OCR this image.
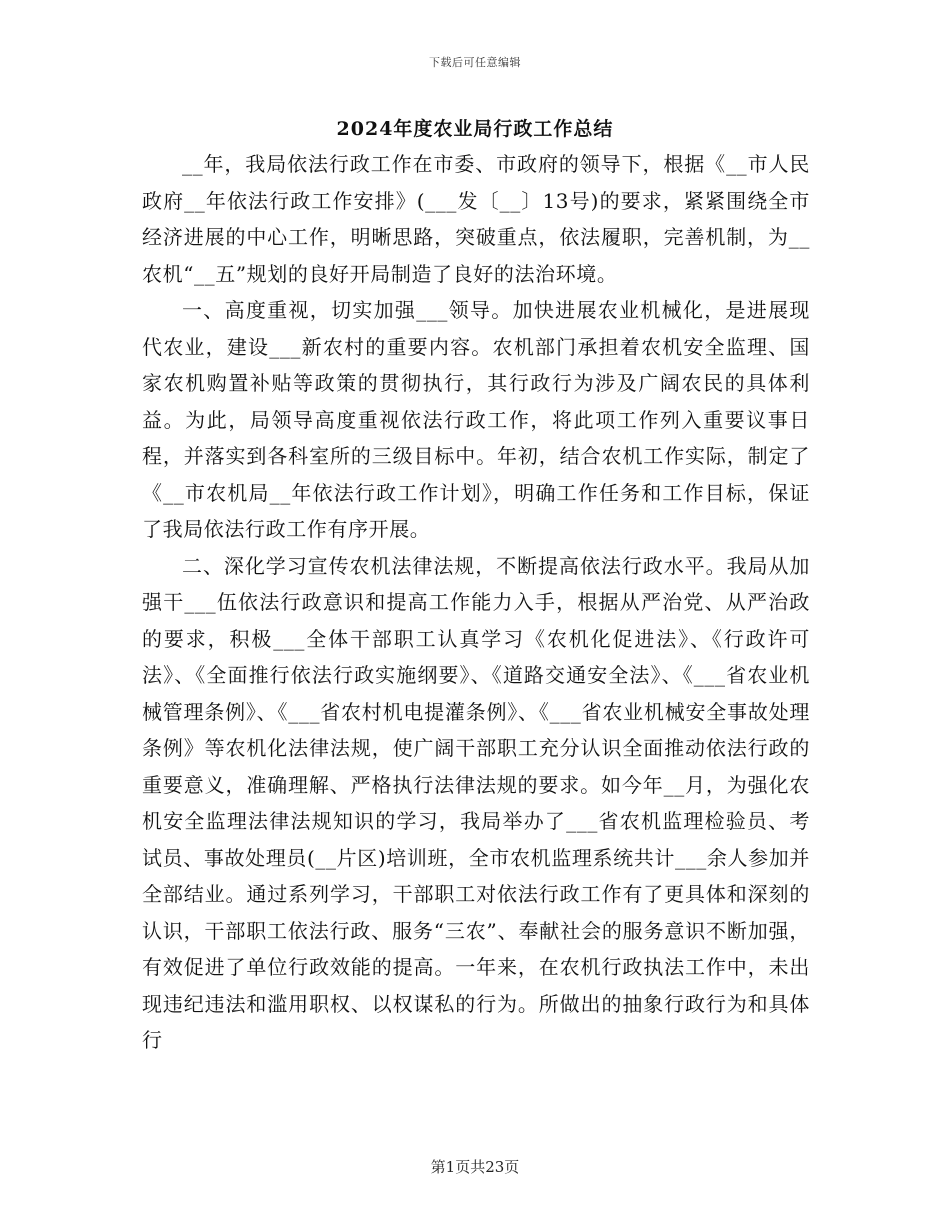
下载后可任意编辑
2024年度农业局行政工作总结

__年，我局依法行政工作在市委、市政府的领导下，根据《__市人民政府__年依法行政工作安排》(___发〔__〕13号)的要求，紧紧围绕全市经济进展的中心工作，明晰思路，突破重点，依法履职，完善机制，为__农机“__五”规划的良好开局制造了良好的法治环境。

一、高度重视，切实加强___领导。加快进展农业机械化，是进展现代农业，建设___新农村的重要内容。农机部门承担着农机安全监理、国家农机购置补贴等政策的贯彻执行，其行政行为涉及广阔农民的具体利益。为此，局领导高度重视依法行政工作，将此项工作列入重要议事日程，并落实到各科室所的三级目标中。年初，结合农机工作实际，制定了《__市农机局__年依法行政工作计划》，明确工作任务和工作目标，保证了我局依法行政工作有序开展。

二、深化学习宣传农机法律法规，不断提高依法行政水平。我局从加强干___伍依法行政意识和提高工作能力入手，根据从严治党、从严治政的要求，积极___全体干部职工认真学习《农机化促进法》、《行政许可法》、《全面推行依法行政实施纲要》、《道路交通安全法》、《___省农业机械管理条例》、《___省农村机电提灌条例》、《___省农业机械安全事故处理条例》等农机化法律法规，使广阔干部职工充分认识全面推动依法行政的重要意义，准确理解、严格执行法律法规的要求。如今年__月，为强化农机安全监理法律法规知识的学习，我局举办了___省农机监理检验员、考试员、事故处理员(__片区)培训班，全市农机监理系统共计___余人参加并全部结业。通过系列学习，干部职工对依法行政工作有了更具体和深刻的认识，干部职工依法行政、服务“三农”、奉献社会的服务意识不断加强，有效促进了单位行政效能的提高。一年来，在农机行政执法工作中，未出现违纪违法和滥用职权、以权谋私的行为。所做出的抽象行政行为和具体行

第1页共23页
